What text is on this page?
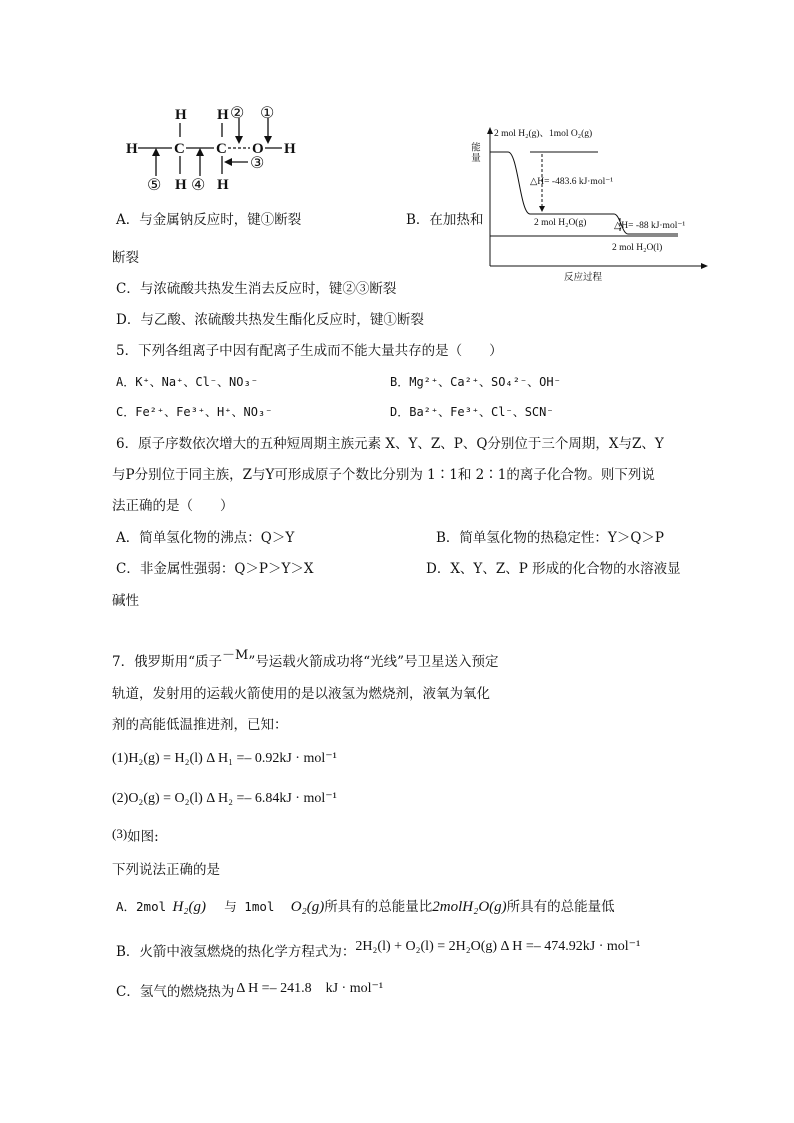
H C C O H
H H
H H
①
②
③
④
⑤
能量
2 mol H₂(g)、1mol O₂(g)
△H= -483.6 kJ·mol⁻¹
2 mol H₂O(g)	△H= -88 kJ·mol⁻¹
2 mol H₂O(l)
反应过程
A．与金属钠反应时，键①断裂	B．在加热和
断裂
C．与浓硫酸共热发生消去反应时，键②③断裂
D．与乙酸、浓硫酸共热发生酯化反应时，键①断裂
5．下列各组离子中因有配离子生成而不能大量共存的是（　　）
A．K⁺、Na⁺、Cl⁻、NO₃⁻	B．Mg²⁺、Ca²⁺、SO₄²⁻、OH⁻
C．Fe²⁺、Fe³⁺、H⁺、NO₃⁻	D．Ba²⁺、Fe³⁺、Cl⁻、SCN⁻
6．原子序数依次增大的五种短周期主族元素 X、Y、Z、P、Q分别位于三个周期，X与Z、Y
与P分别位于同主族，Z与Y可形成原子个数比分别为 1∶1和 2∶1的离子化合物。则下列说
法正确的是（　　）
A．简单氢化物的沸点：Q＞Y	B．简单氢化物的热稳定性：Y＞Q＞P
C．非金属性强弱：Q＞P＞Y＞X	D．X、Y、Z、P 形成的化合物的水溶液显
碱性
7．俄罗斯用“质子－M”号运载火箭成功将“光线”号卫星送入预定
轨道，发射用的运载火箭使用的是以液氢为燃烧剂，液氧为氧化
剂的高能低温推进剂，已知：
(1)H₂(g) = H₂(l) Δ H₁ =– 0.92kJ · mol⁻¹
(2)O₂(g) = O₂(l) Δ H₂ =– 6.84kJ · mol⁻¹
(3)如图:
下列说法正确的是
A．2mol H₂(g) 与 1mol O₂(g)所具有的总能量比2molH₂O(g)所具有的总能量低
B．火箭中液氢燃烧的热化学方程式为：2H₂(l) + O₂(l) = 2H₂O(g) Δ H =– 474.92kJ · mol⁻¹
C．氢气的燃烧热为 Δ H =– 241.8　kJ · mol⁻¹
